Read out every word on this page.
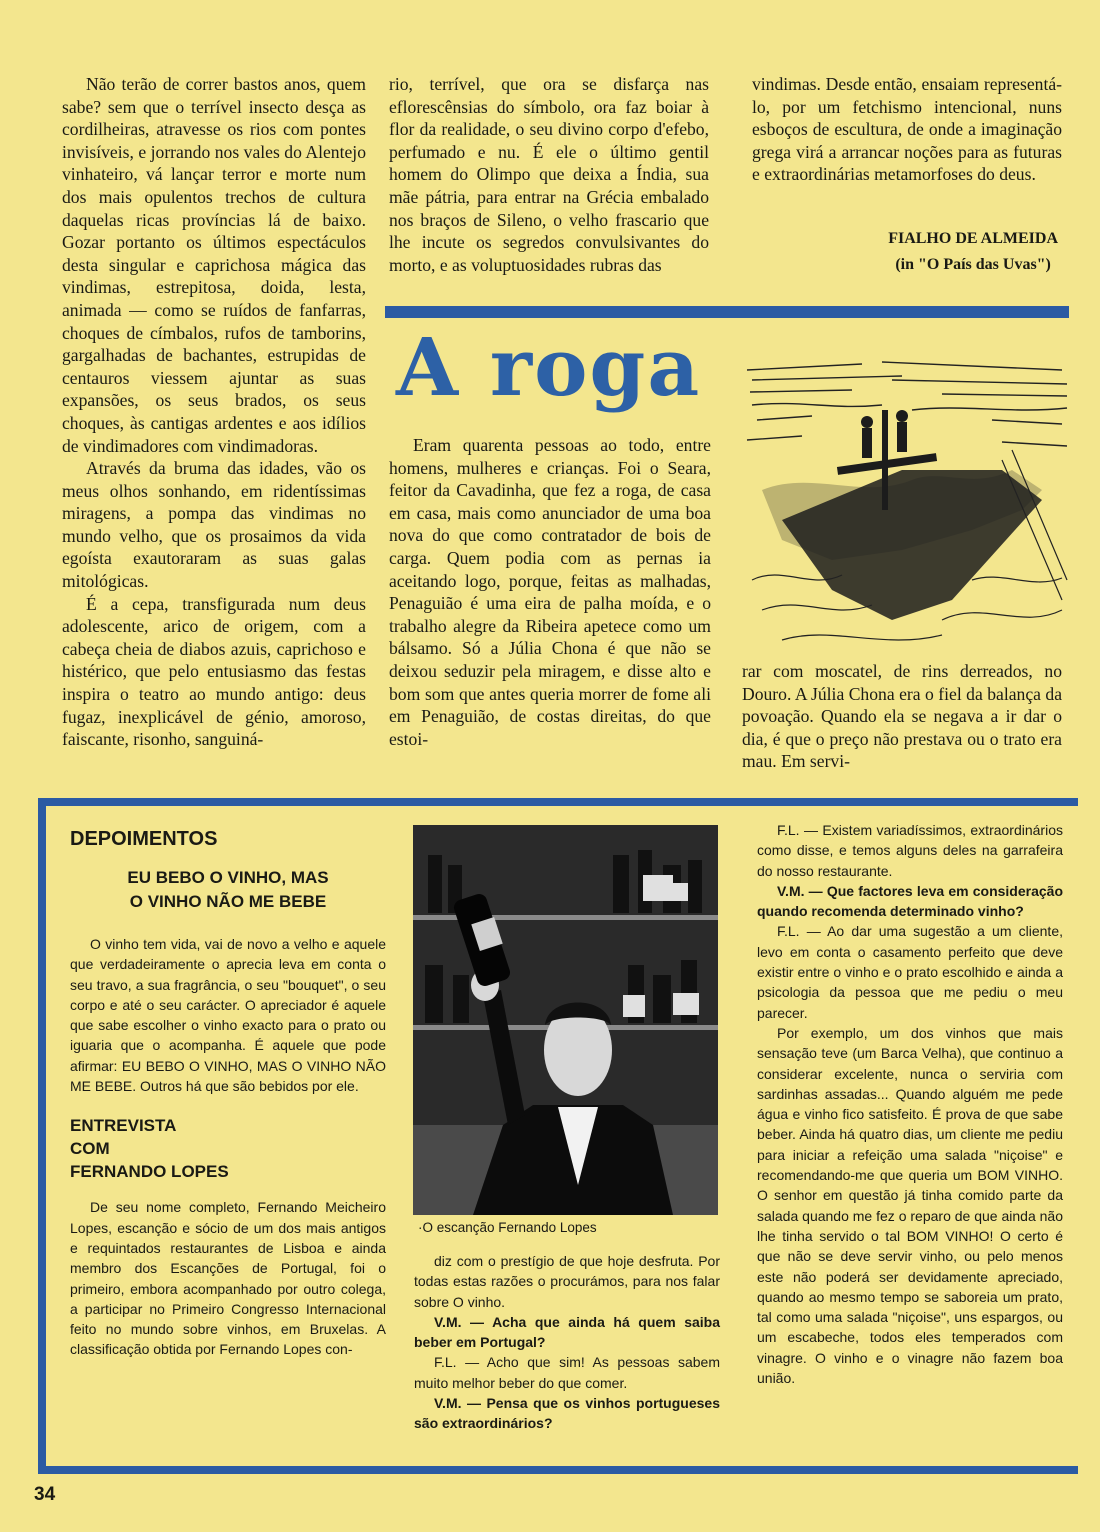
Não terão de correr bastos anos, quem sabe? sem que o terrível insecto desça as cordilheiras, atravesse os rios com pontes invisíveis, e jorrando nos vales do Alentejo vinhateiro, vá lançar terror e morte num dos mais opulentos trechos de cultura daquelas ricas províncias lá de baixo. Gozar portanto os últimos espectáculos desta singular e caprichosa mágica das vindimas, estrepitosa, doida, lesta, animada — como se ruídos de fanfarras, choques de címbalos, rufos de tamborins, gargalhadas de bachantes, estrupidas de centauros viessem ajuntar as suas expansões, os seus brados, os seus choques, às cantigas ardentes e aos idílios de vindimadores com vindimadoras.

Através da bruma das idades, vão os meus olhos sonhando, em ridentíssimas miragens, a pompa das vindimas no mundo velho, que os prosaimos da vida egoísta exautoraram as suas galas mitológicas.

É a cepa, transfigurada num deus adolescente, arico de origem, com a cabeça cheia de diabos azuis, caprichoso e histérico, que pelo entusiasmo das festas inspira o teatro ao mundo antigo: deus fugaz, inexplicável de génio, amoroso, faiscante, risonho, sanguiná-

rio, terrível, que ora se disfarça nas eflorescênsias do símbolo, ora faz boiar à flor da realidade, o seu divino corpo d'efebo, perfumado e nu. É ele o último gentil homem do Olimpo que deixa a Índia, sua mãe pátria, para entrar na Grécia embalado nos braços de Sileno, o velho frascario que lhe incute os segredos convulsivantes do morto, e as voluptuosidades rubras das

vindimas. Desde então, ensaiam representá-lo, por um fetchismo intencional, nuns esboços de escultura, de onde a imaginação grega virá a arrancar noções para as futuras e extraordinárias metamorfoses do deus.

FIALHO DE ALMEIDA
(in "O País das Uvas")
A roga

Eram quarenta pessoas ao todo, entre homens, mulheres e crianças. Foi o Seara, feitor da Cavadinha, que fez a roga, de casa em casa, mais como anunciador de uma boa nova do que como contratador de bois de carga. Quem podia com as pernas ia aceitando logo, porque, feitas as malhadas, Penaguião é uma eira de palha moída, e o trabalho alegre da Ribeira apetece como um bálsamo. Só a Júlia Chona é que não se deixou seduzir pela miragem, e disse alto e bom som que antes queria morrer de fome ali em Penaguião, de costas direitas, do que estoi-

rar com moscatel, de rins derreados, no Douro. A Júlia Chona era o fiel da balança da povoação. Quando ela se negava a ir dar o dia, é que o preço não prestava ou o trato era mau. Em servi-

DEPOIMENTOS
EU BEBO O VINHO, MAS O VINHO NÃO ME BEBE

O vinho tem vida, vai de novo a velho e aquele que verdadeiramente o aprecia leva em conta o seu travo, a sua fragrância, o seu "bouquet", o seu corpo e até o seu carácter. O apreciador é aquele que sabe escolher o vinho exacto para o prato ou iguaria que o acompanha. É aquele que pode afirmar: EU BEBO O VINHO, MAS O VINHO NÃO ME BEBE. Outros há que são bebidos por ele.

ENTREVISTA
COM
FERNANDO LOPES

De seu nome completo, Fernando Meicheiro Lopes, escanção e sócio de um dos mais antigos e requintados restaurantes de Lisboa e ainda membro dos Escanções de Portugal, foi o primeiro, embora acompanhado por outro colega, a participar no Primeiro Congresso Internacional feito no mundo sobre vinhos, em Bruxelas. A classificação obtida por Fernando Lopes con-

·O escanção Fernando Lopes

diz com o prestígio de que hoje desfruta. Por todas estas razões o procurámos, para nos falar sobre O vinho.

V.M. — Acha que ainda há quem saiba beber em Portugal?

F.L. — Acho que sim! As pessoas sabem muito melhor beber do que comer.

V.M. — Pensa que os vinhos portugueses são extraordinários?

F.L. — Existem variadíssimos, extraordinários como disse, e temos alguns deles na garrafeira do nosso restaurante.

V.M. — Que factores leva em consideração quando recomenda determinado vinho?

F.L. — Ao dar uma sugestão a um cliente, levo em conta o casamento perfeito que deve existir entre o vinho e o prato escolhido e ainda a psicologia da pessoa que me pediu o meu parecer.

Por exemplo, um dos vinhos que mais sensação teve (um Barca Velha), que continuo a considerar excelente, nunca o serviria com sardinhas assadas... Quando alguém me pede água e vinho fico satisfeito. É prova de que sabe beber. Ainda há quatro dias, um cliente me pediu para iniciar a refeição uma salada "niçoise" e recomendando-me que queria um BOM VINHO. O senhor em questão já tinha comido parte da salada quando me fez o reparo de que ainda não lhe tinha servido o tal BOM VINHO! O certo é que não se deve servir vinho, ou pelo menos este não poderá ser devidamente apreciado, quando ao mesmo tempo se saboreia um prato, tal como uma salada "niçoise", uns espargos, ou um escabeche, todos eles temperados com vinagre. O vinho e o vinagre não fazem boa união.

34
